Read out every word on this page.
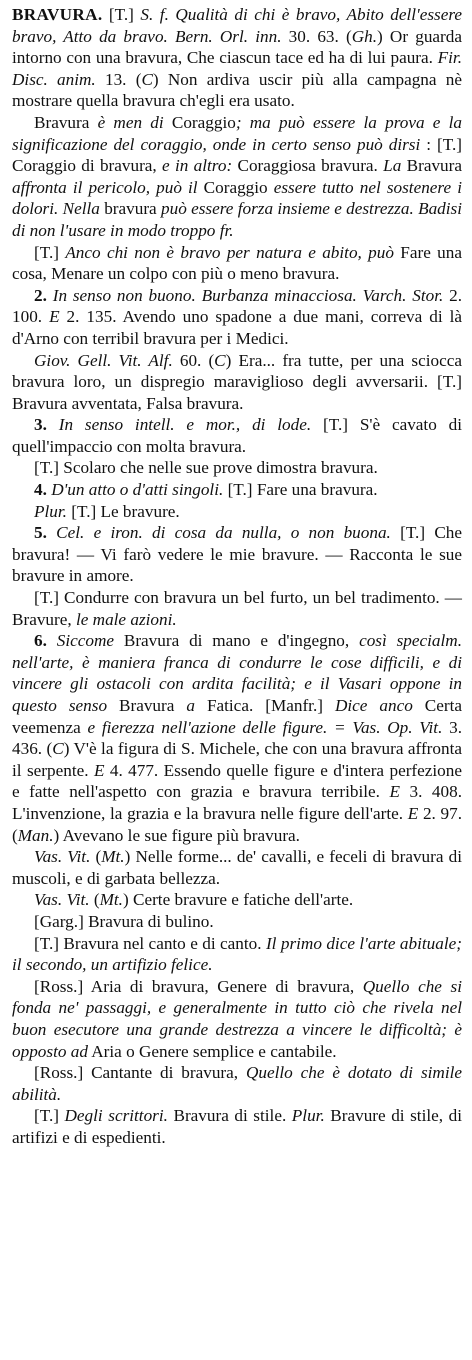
BRAVURA. [T.] S. f. Qualità di chi è bravo, Abito dell'essere bravo, Atto da bravo. Bern. Orl. inn. 30. 63. (Gh.) Or guarda intorno con una bravura, Che ciascun tace ed ha di lui paura. Fir. Disc. anim. 13. (C) Non ardiva uscir più alla campagna nè mostrare quella bravura ch'egli era usato.

Bravura è men di Coraggio; ma può essere la prova e la significazione del coraggio, onde in certo senso può dirsi : [T.] Coraggio di bravura, e in altro: Coraggiosa bravura. La Bravura affronta il pericolo, può il Coraggio essere tutto nel sostenere i dolori. Nella bravura può essere forza insieme e destrezza. Badisi di non l'usare in modo troppo fr.

[T.] Anco chi non è bravo per natura e abito, può Fare una cosa, Menare un colpo con più o meno bravura.

2. In senso non buono. Burbanza minacciosa. Varch. Stor. 2. 100. E 2. 135. Avendo uno spadone a due mani, correva di là d'Arno con terribil bravura per i Medici.

Giov. Gell. Vit. Alf. 60. (C) Era... fra tutte, per una sciocca bravura loro, un dispregio maraviglioso degli avversarii. [T.] Bravura avventata, Falsa bravura.

3. In senso intell. e mor., di lode. [T.] S'è cavato di quell'impaccio con molta bravura.

[T.] Scolaro che nelle sue prove dimostra bravura.

4. D'un atto o d'atti singoli. [T.] Fare una bravura.

Plur. [T.] Le bravure.

5. Cel. e iron. di cosa da nulla, o non buona. [T.] Che bravura! — Vi farò vedere le mie bravure. — Racconta le sue bravure in amore.

[T.] Condurre con bravura un bel furto, un bel tradimento. — Bravure, le male azioni.

6. Siccome Bravura di mano e d'ingegno, così specialm. nell'arte, è maniera franca di condurre le cose difficili, e di vincere gli ostacoli con ardita facilità; e il Vasari oppone in questo senso Bravura a Fatica. [Manfr.] Dice anco Certa veemenza e fierezza nell'azione delle figure. = Vas. Op. Vit. 3. 436. (C) V'è la figura di S. Michele, che con una bravura affronta il serpente. E 4. 477. Essendo quelle figure e d'intera perfezione e fatte nell'aspetto con grazia e bravura terribile. E 3. 408. L'invenzione, la grazia e la bravura nelle figure dell'arte. E 2. 97. (Man.) Avevano le sue figure più bravura.

Vas. Vit. (Mt.) Nelle forme... de' cavalli, e feceli di bravura di muscoli, e di garbata bellezza.

Vas. Vit. (Mt.) Certe bravure e fatiche dell'arte.

[Garg.] Bravura di bulino.

[T.] Bravura nel canto e di canto. Il primo dice l'arte abituale; il secondo, un artifizio felice.

[Ross.] Aria di bravura, Genere di bravura, Quello che si fonda ne' passaggi, e generalmente in tutto ciò che rivela nel buon esecutore una grande destrezza a vincere le difficoltà; è opposto ad Aria o Genere semplice e cantabile.

[Ross.] Cantante di bravura, Quello che è dotato di simile abilità.

[T.] Degli scrittori. Bravura di stile. Plur. Bravure di stile, di artifizi e di espedienti.
